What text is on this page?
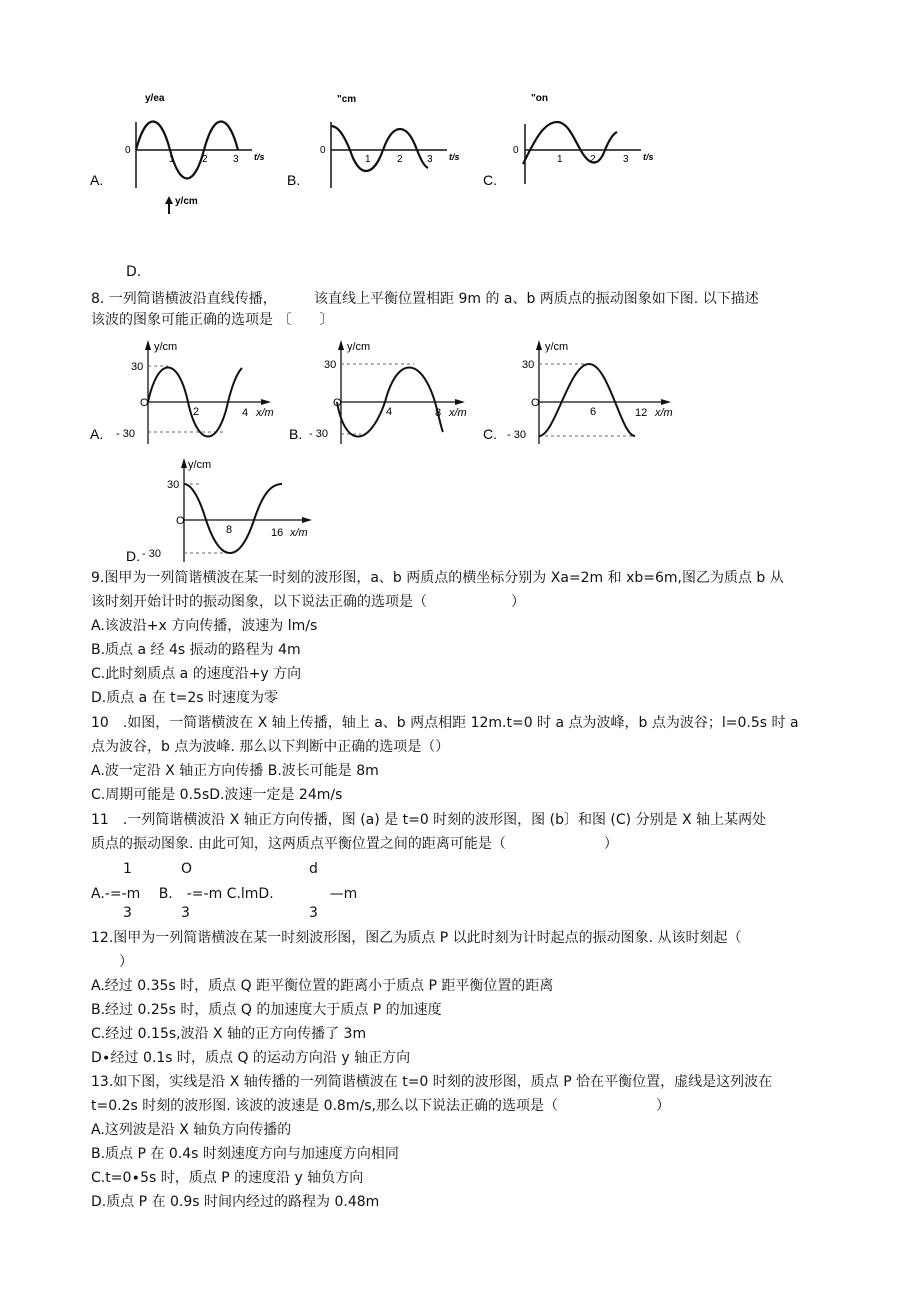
A.
y/ea
0
1	2	3 t/s
B.
"cm
0
1	2 3 t/s
C.
"on
0
1	2	3 t/s
y/cm
D.
8. 一列简谐横波沿直线传播，	该直线上平衡位置相距 9m 的 a、b 两质点的振动图象如下图. 以下描述
该波的图象可能正确的选项是 〔　　〕
A.
y/cm
30
O
- 30
2	4 x/m
B.
y/cm
30
O
- 30
4	8 x/m
C.
y/cm
30
O
- 30
6	12 x/m
D.
y/cm
30
O
- 30
8	16 x/m
9.图甲为一列简谐横波在某一时刻的波形图，a、b 两质点的横坐标分别为 Xa=2m 和 xb=6m,图乙为质点 b 从
该时刻开始计时的振动图象，以下说法正确的选项是（　　　　　　）
A.该波沿+x 方向传播，波速为 lm∕s
B.质点 a 经 4s 振动的路程为 4m
C.此时刻质点 a 的速度沿+y 方向
D.质点 a 在 t=2s 时速度为零
10　.如图，一简谐横波在 X 轴上传播，轴上 a、b 两点相距 12m.t=0 时 a 点为波峰，b 点为波谷；l=0.5s 时 a
点为波谷，b 点为波峰. 那么以下判断中正确的选项是（）
A.波一定沿 X 轴正方向传播 B.波长可能是 8m
C.周期可能是 0.5sD.波速一定是 24m∕s
11　.一列简谐横波沿 X 轴正方向传播，图 (a) 是 t=0 时刻的波形图，图 (b〕和图 (C) 分别是 X 轴上某两处
质点的振动图象. 由此可知，这两质点平衡位置之间的距离可能是（　　　　　　　）
1	O	d
A.-=-m　 B.　-=-m C.lmD.　　　　—m
3	3	3
12.图甲为一列简谐横波在某一时刻波形图，图乙为质点 P 以此时刻为计时起点的振动图象. 从该时刻起（
　　）
A.经过 0.35s 时，质点 Q 距平衡位置的距离小于质点 P 距平衡位置的距离
B.经过 0.25s 时，质点 Q 的加速度大于质点 P 的加速度
C.经过 0.15s,波沿 X 轴的正方向传播了 3m
D∙经过 0.1s 时，质点 Q 的运动方向沿 y 轴正方向
13.如下图，实线是沿 X 轴传播的一列简谐横波在 t=0 时刻的波形图，质点 P 恰在平衡位置，虚线是这列波在
t=0.2s 时刻的波形图. 该波的波速是 0.8m∕s,那么以下说法正确的选项是（　　　　　　　）
A.这列波是沿 X 轴负方向传播的
B.质点 P 在 0.4s 时刻速度方向与加速度方向相同
C.t=0∙5s 时，质点 P 的速度沿 y 轴负方向
D.质点 P 在 0.9s 时间内经过的路程为 0.48m
